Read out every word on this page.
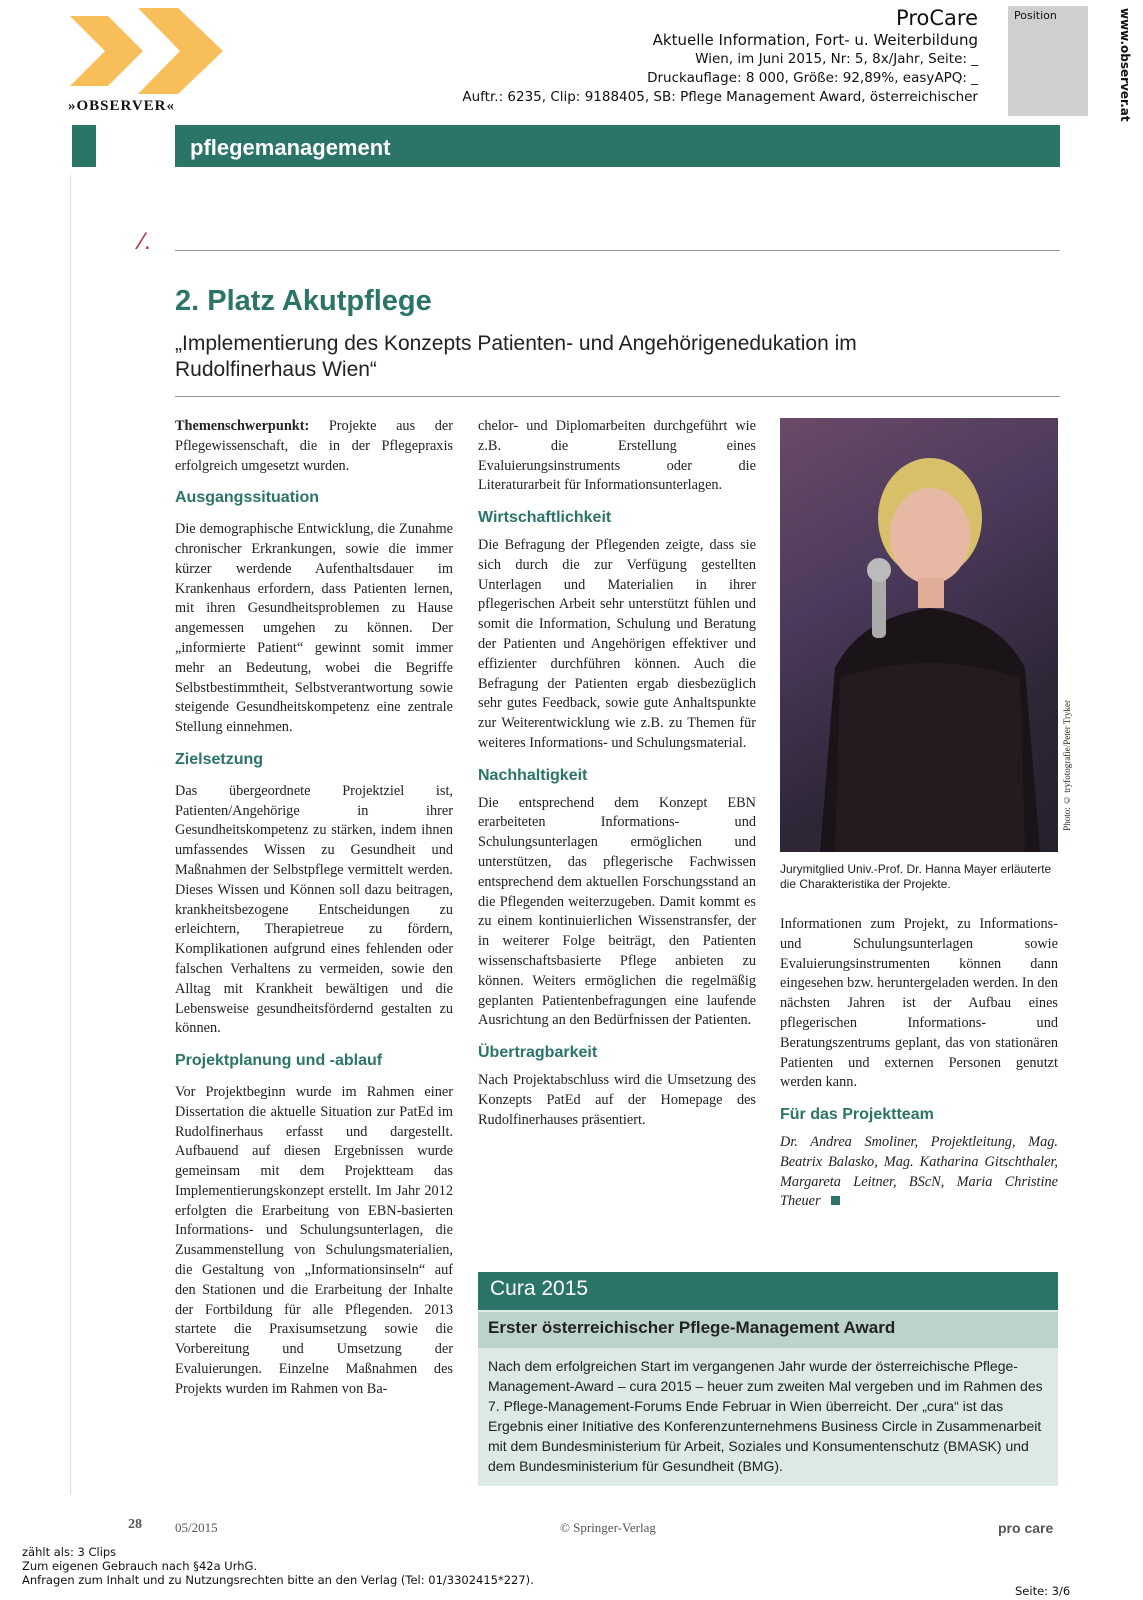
»OBSERVER«
ProCare
Aktuelle Information, Fort- u. Weiterbildung
Wien, im Juni 2015, Nr: 5, 8x/Jahr, Seite: _
Druckauflage: 8 000, Größe: 92,89%, easyAPQ: _
Auftr.: 6235, Clip: 9188405, SB: Pflege Management Award, österreichischer
Position	www.observer.at
pflegemanagement
⁄.
2. Platz Akutpflege
„Implementierung des Konzepts Patienten- und Angehörigenedukation im Rudolfinerhaus Wien“

Themenschwerpunkt: Projekte aus der Pflegewissenschaft, die in der Pflegepraxis erfolgreich umgesetzt wurden.

Ausgangssituation

Die demographische Entwicklung, die Zunahme chronischer Erkrankungen, sowie die immer kürzer werdende Aufenthaltsdauer im Krankenhaus erfordern, dass Patienten lernen, mit ihren Gesundheitsproblemen zu Hause angemessen umgehen zu können. Der „informierte Patient“ gewinnt somit immer mehr an Bedeutung, wobei die Begriffe Selbstbestimmtheit, Selbstverantwortung sowie steigende Gesundheitskompetenz eine zentrale Stellung einnehmen.

Zielsetzung

Das übergeordnete Projektziel ist, Patienten/Angehörige in ihrer Gesundheitskompetenz zu stärken, indem ihnen umfassendes Wissen zu Gesundheit und Maßnahmen der Selbstpflege vermittelt werden. Dieses Wissen und Können soll dazu beitragen, krankheitsbezogene Entscheidungen zu erleichtern, Therapietreue zu fördern, Komplikationen aufgrund eines fehlenden oder falschen Verhaltens zu vermeiden, sowie den Alltag mit Krankheit bewältigen und die Lebensweise gesundheitsfördernd gestalten zu können.

Projektplanung und -ablauf

Vor Projektbeginn wurde im Rahmen einer Dissertation die aktuelle Situation zur PatEd im Rudolfinerhaus erfasst und dargestellt. Aufbauend auf diesen Ergebnissen wurde gemeinsam mit dem Projektteam das Implementierungskonzept erstellt. Im Jahr 2012 erfolgten die Erarbeitung von EBN-basierten Informations- und Schulungsunterlagen, die Zusammenstellung von Schulungsmaterialien, die Gestaltung von „Informationsinseln“ auf den Stationen und die Erarbeitung der Inhalte der Fortbildung für alle Pflegenden. 2013 startete die Praxisumsetzung sowie die Vorbereitung und Umsetzung der Evaluierungen. Einzelne Maßnahmen des Projekts wurden im Rahmen von Ba-

chelor- und Diplomarbeiten durchgeführt wie z.B. die Erstellung eines Evaluierungsinstruments oder die Literaturarbeit für Informationsunterlagen.

Wirtschaftlichkeit

Die Befragung der Pflegenden zeigte, dass sie sich durch die zur Verfügung gestellten Unterlagen und Materialien in ihrer pflegerischen Arbeit sehr unterstützt fühlen und somit die Information, Schulung und Beratung der Patienten und Angehörigen effektiver und effizienter durchführen können. Auch die Befragung der Patienten ergab diesbezüglich sehr gutes Feedback, sowie gute Anhaltspunkte zur Weiterentwicklung wie z.B. zu Themen für weiteres Informations- und Schulungsmaterial.

Nachhaltigkeit

Die entsprechend dem Konzept EBN erarbeiteten Informations- und Schulungsunterlagen ermöglichen und unterstützen, das pflegerische Fachwissen entsprechend dem aktuellen Forschungsstand an die Pflegenden weiterzugeben. Damit kommt es zu einem kontinuierlichen Wissenstransfer, der in weiterer Folge beiträgt, den Patienten wissenschaftsbasierte Pflege anbieten zu können. Weiters ermöglichen die regelmäßig geplanten Patientenbefragungen eine laufende Ausrichtung an den Bedürfnissen der Patienten.

Übertragbarkeit

Nach Projektabschluss wird die Umsetzung des Konzepts PatEd auf der Homepage des Rudolfinerhauses präsentiert.

Photo: © tryfotografie/Peter Tryker
Jurymitglied Univ.-Prof. Dr. Hanna Mayer erläuterte die Charakteristika der Projekte.

Informationen zum Projekt, zu Informations- und Schulungsunterlagen sowie Evaluierungsinstrumenten können dann eingesehen bzw. heruntergeladen werden. In den nächsten Jahren ist der Aufbau eines pflegerischen Informations- und Beratungszentrums geplant, das von stationären Patienten und externen Personen genutzt werden kann.

Für das Projektteam

Dr. Andrea Smoliner, Projektleitung, Mag. Beatrix Balasko, Mag. Katharina Gitschthaler, Margareta Leitner, BScN, Maria Christine Theuer

Cura 2015
Erster österreichischer Pflege-Management Award
Nach dem erfolgreichen Start im vergangenen Jahr wurde der österreichische Pflege-Management-Award – cura 2015 – heuer zum zweiten Mal vergeben und im Rahmen des 7. Pflege-Management-Forums Ende Februar in Wien überreicht. Der „cura“ ist das Ergebnis einer Initiative des Konferenzunternehmens Business Circle in Zusammenarbeit mit dem Bundesministerium für Arbeit, Soziales und Konsumentenschutz (BMASK) und dem Bundesministerium für Gesundheit (BMG).
28	05/2015	© Springer-Verlag	pro care
zählt als: 3 Clips
Zum eigenen Gebrauch nach §42a UrhG.
Anfragen zum Inhalt und zu Nutzungsrechten bitte an den Verlag (Tel: 01/3302415*227).
Seite: 3/6
